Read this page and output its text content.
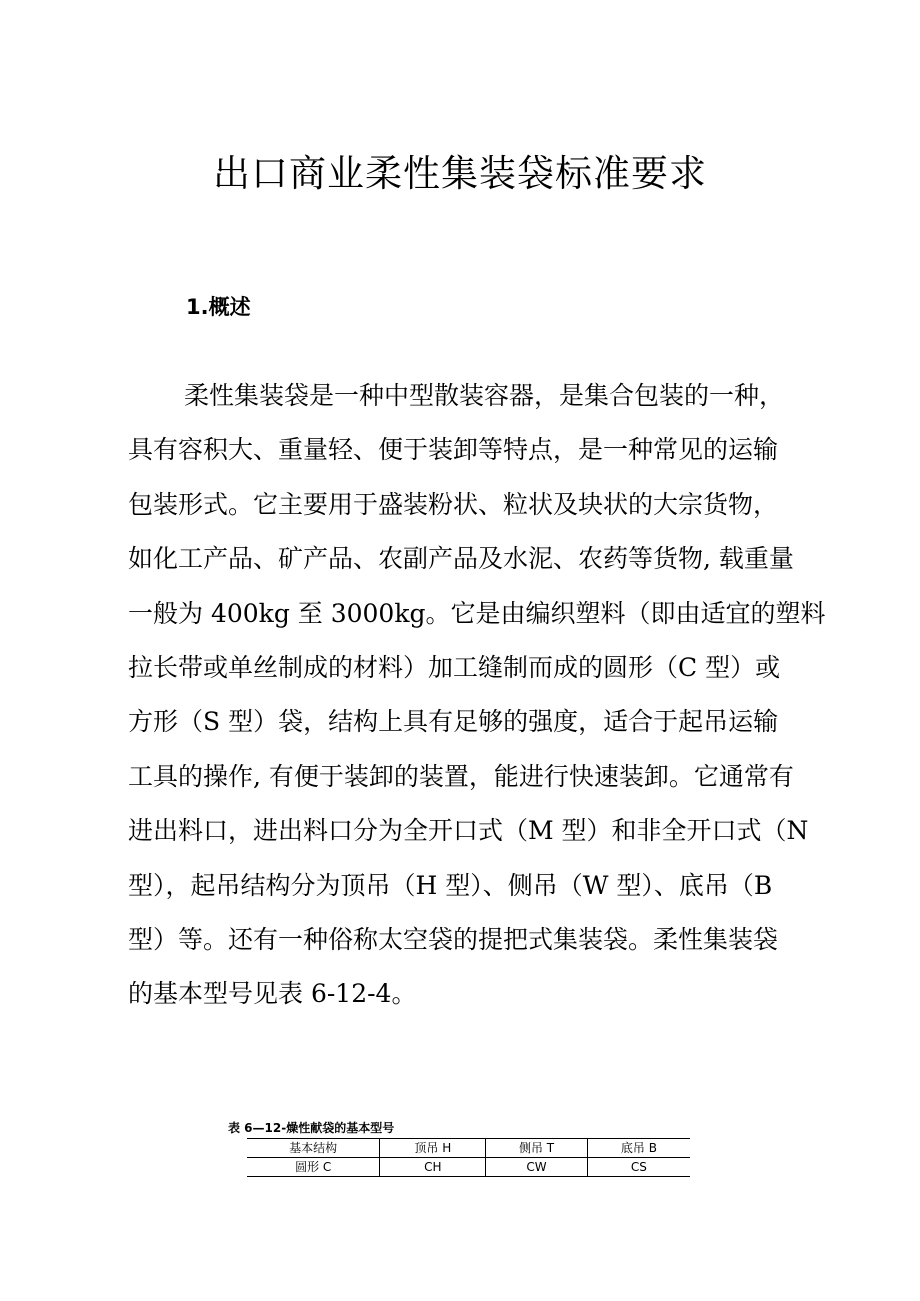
出口商业柔性集装袋标准要求
1.概述

柔性集装袋是一种中型散装容器，是集合包装的一种，
具有容积大、重量轻、便于装卸等特点，是一种常见的运输
包装形式。它主要用于盛装粉状、粒状及块状的大宗货物，
如化工产品、矿产品、农副产品及水泥、农药等货物, 载重量
一般为 400kg 至 3000kg。它是由编织塑料（即由适宜的塑料
拉长带或单丝制成的材料）加工缝制而成的圆形（C 型）或
方形（S 型）袋，结构上具有足够的强度，适合于起吊运输
工具的操作, 有便于装卸的装置，能进行快速装卸。它通常有
进出料口，进出料口分为全开口式（M 型）和非全开口式（N
型），起吊结构分为顶吊（H 型）、侧吊（W 型）、底吊（B
型）等。还有一种俗称太空袋的提把式集装袋。柔性集装袋
的基本型号见表 6-12-4。

表 6—12-燥性献袋的基本型号

基本结构	顶吊 H	侧吊 T	底吊 B
圆形 C	CH	CW	CS
